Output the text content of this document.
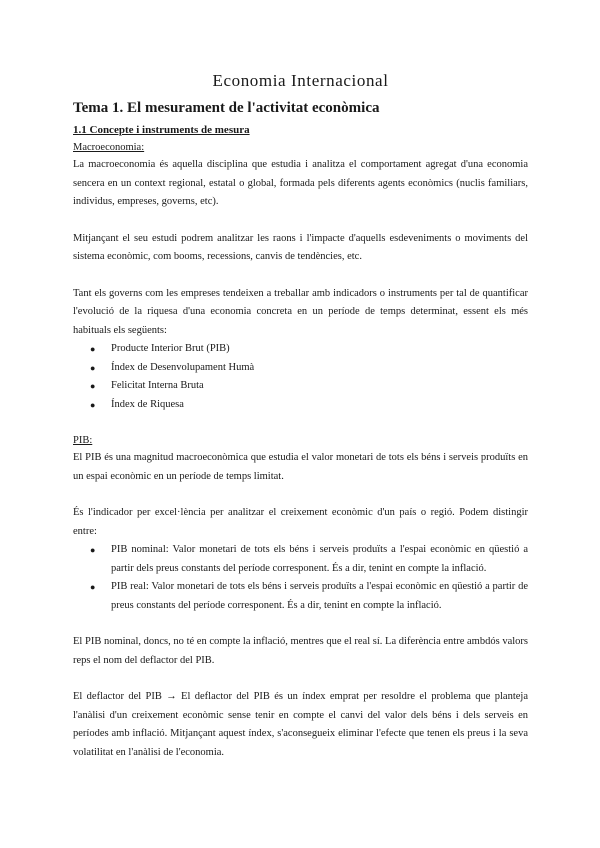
Economia Internacional
Tema 1. El mesurament de l'activitat econòmica
1.1 Concepte i instruments de mesura
Macroeconomia:

La macroeconomia és aquella disciplina que estudia i analitza el comportament agregat d'una economia sencera en un context regional, estatal o global, formada pels diferents agents econòmics (nuclis familiars, individus, empreses, governs, etc).

Mitjançant el seu estudi podrem analitzar les raons i l'impacte d'aquells esdeveniments o moviments del sistema econòmic, com booms, recessions, canvis de tendències, etc.

Tant els governs com les empreses tendeixen a treballar amb indicadors o instruments per tal de quantificar l'evolució de la riquesa d'una economia concreta en un període de temps determinat, essent els més habituals els següents:

● Producte Interior Brut (PIB)
● Índex de Desenvolupament Humà
● Felicitat Interna Bruta
● Índex de Riquesa
PIB:

El PIB és una magnitud macroeconòmica que estudia el valor monetari de tots els béns i serveis produïts en un espai econòmic en un període de temps limitat.

És l'indicador per excel·lència per analitzar el creixement econòmic d'un país o regió. Podem distingir entre:

● PIB nominal: Valor monetari de tots els béns i serveis produïts a l'espai econòmic en qüestió a partir dels preus constants del període corresponent. És a dir, tenint en compte la inflació.
● PIB real: Valor monetari de tots els béns i serveis produïts a l'espai econòmic en qüestió a partir de preus constants del període corresponent. És a dir, tenint en compte la inflació.

El PIB nominal, doncs, no té en compte la inflació, mentres que el real sí. La diferència entre ambdós valors reps el nom del deflactor del PIB.

El deflactor del PIB → El deflactor del PIB és un índex emprat per resoldre el problema que planteja l'anàlisi d'un creixement econòmic sense tenir en compte el canvi del valor dels béns i dels serveis en períodes amb inflació. Mitjançant aquest índex, s'aconsegueix eliminar l'efecte que tenen els preus i la seva volatilitat en l'anàlisi de l'economia.
